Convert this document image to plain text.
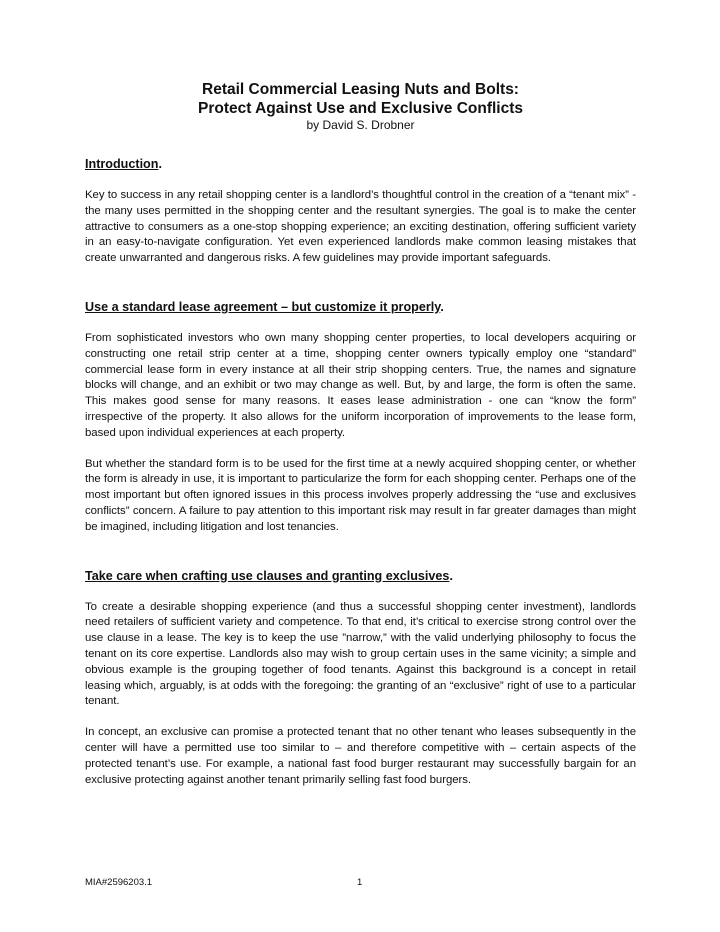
Retail Commercial Leasing Nuts and Bolts:
Protect Against Use and Exclusive Conflicts

by David S. Drobner

Introduction.

Key to success in any retail shopping center is a landlord’s thoughtful control in the creation of a “tenant mix” - the many uses permitted in the shopping center and the resultant synergies. The goal is to make the center attractive to consumers as a one-stop shopping experience; an exciting destination, offering sufficient variety in an easy-to-navigate configuration. Yet even experienced landlords make common leasing mistakes that create unwarranted and dangerous risks. A few guidelines may provide important safeguards.

Use a standard lease agreement – but customize it properly.

From sophisticated investors who own many shopping center properties, to local developers acquiring or constructing one retail strip center at a time, shopping center owners typically employ one “standard” commercial lease form in every instance at all their strip shopping centers. True, the names and signature blocks will change, and an exhibit or two may change as well. But, by and large, the form is often the same. This makes good sense for many reasons. It eases lease administration - one can “know the form” irrespective of the property. It also allows for the uniform incorporation of improvements to the lease form, based upon individual experiences at each property.

But whether the standard form is to be used for the first time at a newly acquired shopping center, or whether the form is already in use, it is important to particularize the form for each shopping center. Perhaps one of the most important but often ignored issues in this process involves properly addressing the “use and exclusives conflicts” concern. A failure to pay attention to this important risk may result in far greater damages than might be imagined, including litigation and lost tenancies.

Take care when crafting use clauses and granting exclusives.

To create a desirable shopping experience (and thus a successful shopping center investment), landlords need retailers of sufficient variety and competence. To that end, it’s critical to exercise strong control over the use clause in a lease. The key is to keep the use ”narrow,” with the valid underlying philosophy to focus the tenant on its core expertise. Landlords also may wish to group certain uses in the same vicinity; a simple and obvious example is the grouping together of food tenants. Against this background is a concept in retail leasing which, arguably, is at odds with the foregoing: the granting of an “exclusive” right of use to a particular tenant.

In concept, an exclusive can promise a protected tenant that no other tenant who leases subsequently in the center will have a permitted use too similar to – and therefore competitive with – certain aspects of the protected tenant’s use. For example, a national fast food burger restaurant may successfully bargain for an exclusive protecting against another tenant primarily selling fast food burgers.

MIA#2596203.1	1
